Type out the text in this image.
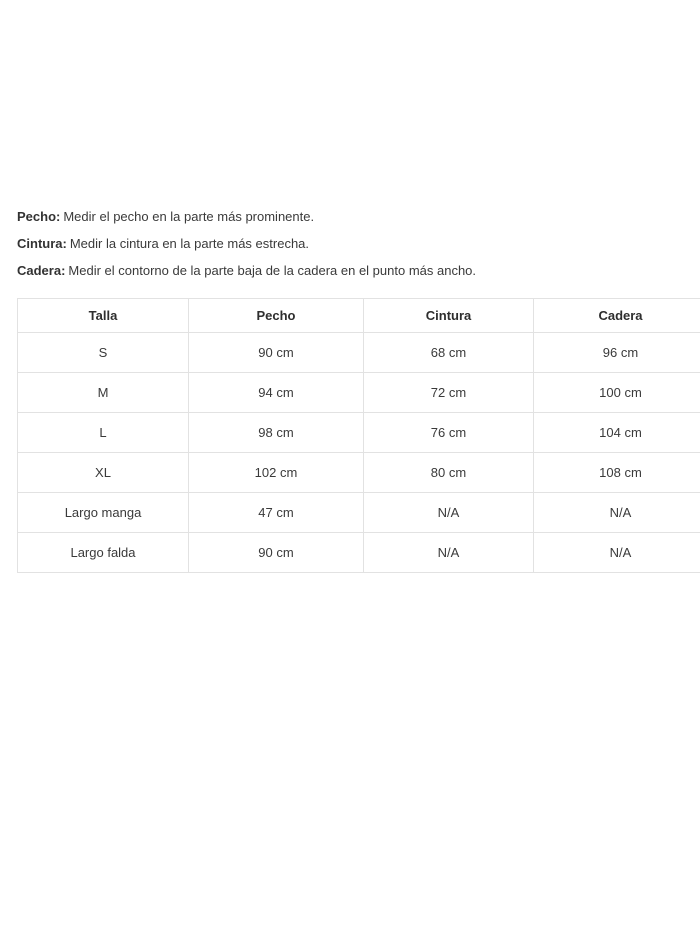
Pecho: Medir el pecho en la parte más prominente.

Cintura: Medir la cintura en la parte más estrecha.

Cadera: Medir el contorno de la parte baja de la cadera en el punto más ancho.

Talla	Pecho	Cintura	Cadera
S	90 cm	68 cm	96 cm
M	94 cm	72 cm	100 cm
L	98 cm	76 cm	104 cm
XL	102 cm	80 cm	108 cm
Largo manga	47 cm	N/A	N/A
Largo falda	90 cm	N/A	N/A
